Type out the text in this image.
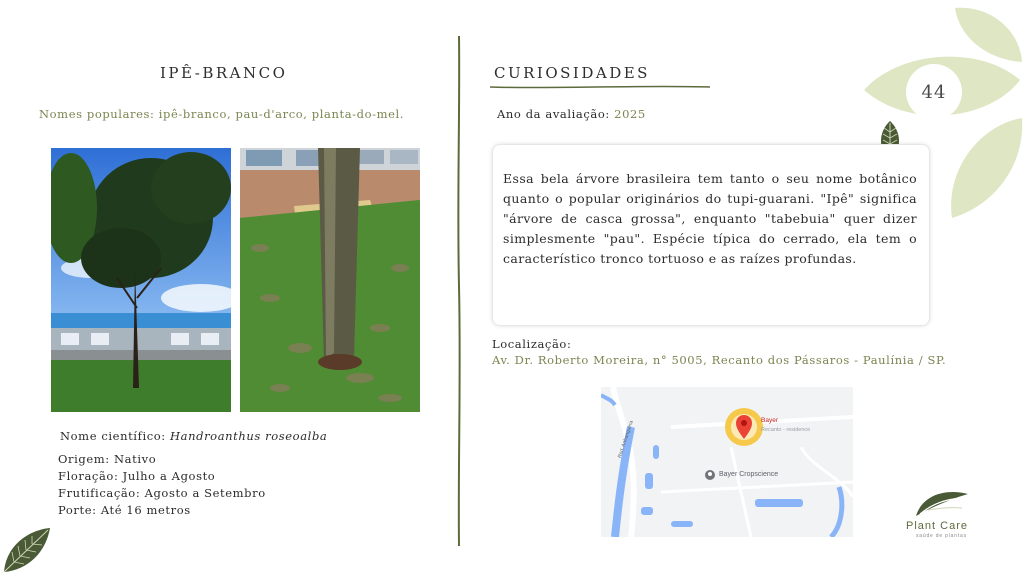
44
IPÊ-BRANCO
Nomes populares: ipê-branco, pau-d'arco, planta-do-mel.
Nome científico: Handroanthus roseoalba
Origem: Nativo
Floração: Julho a Agosto
Frutificação: Agosto a Setembro
Porte: Até 16 metros
CURIOSIDADES
Ano da avaliação: 2025
Essa bela árvore brasileira tem tanto o seu nome botânico quanto o popular originários do tupi-guarani. "Ipê" significa "árvore de casca grossa", enquanto "tabebuia" quer dizer simplesmente "pau". Espécie típica do cerrado, ela tem o característico tronco tortuoso e as raízes profundas.
Localização:
Av. Dr. Roberto Moreira, n° 5005, Recanto dos Pássaros - Paulínia / SP.
Bayer
Recanto - residence
Bayer Cropscience
Rod. Anhanguera
Plant Care
saúde de plantas
